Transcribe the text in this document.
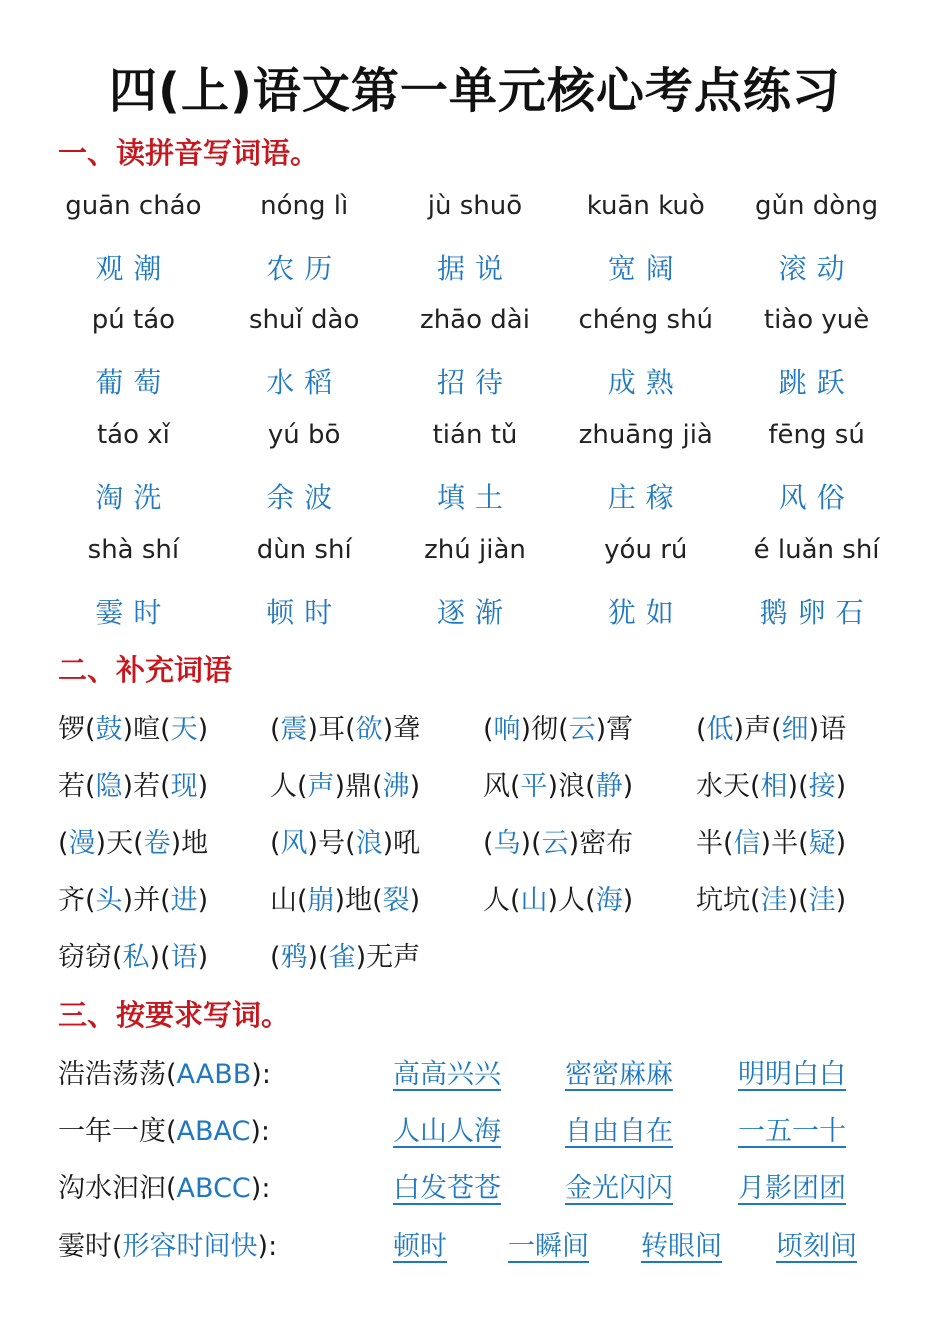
四(上)语文第一单元核心考点练习
一、读拼音写词语。
guān cháo	nóng lì	jù shuō	kuān kuò	gǔn dòng
观潮	农历	据说	宽阔	滚动
pú táo	shuǐ dào	zhāo dài	chéng shú	tiào yuè
葡萄	水稻	招待	成熟	跳跃
táo xǐ	yú bō	tián tǔ	zhuāng jià	fēng sú
淘洗	余波	填土	庄稼	风俗
shà shí	dùn shí	zhú jiàn	yóu rú	é luǎn shí
霎时	顿时	逐渐	犹如	鹅卵石
二、补充词语
锣(鼓)喧(天) (震)耳(欲)聋 (响)彻(云)霄 (低)声(细)语
若(隐)若(现) 人(声)鼎(沸) 风(平)浪(静) 水天(相)(接)
(漫)天(卷)地 (风)号(浪)吼 (乌)(云)密布 半(信)半(疑)
齐(头)并(进) 山(崩)地(裂) 人(山)人(海) 坑坑(洼)(洼)
窃窃(私)(语) (鸦)(雀)无声
三、按要求写词。
浩浩荡荡(AABB):	高高兴兴 密密麻麻 明明白白
一年一度(ABAC):	人山人海 自由自在 一五一十
沟水汩汩(ABCC):	白发苍苍 金光闪闪 月影团团
霎时(形容时间快):	顿时 一瞬间 转眼间 顷刻间
